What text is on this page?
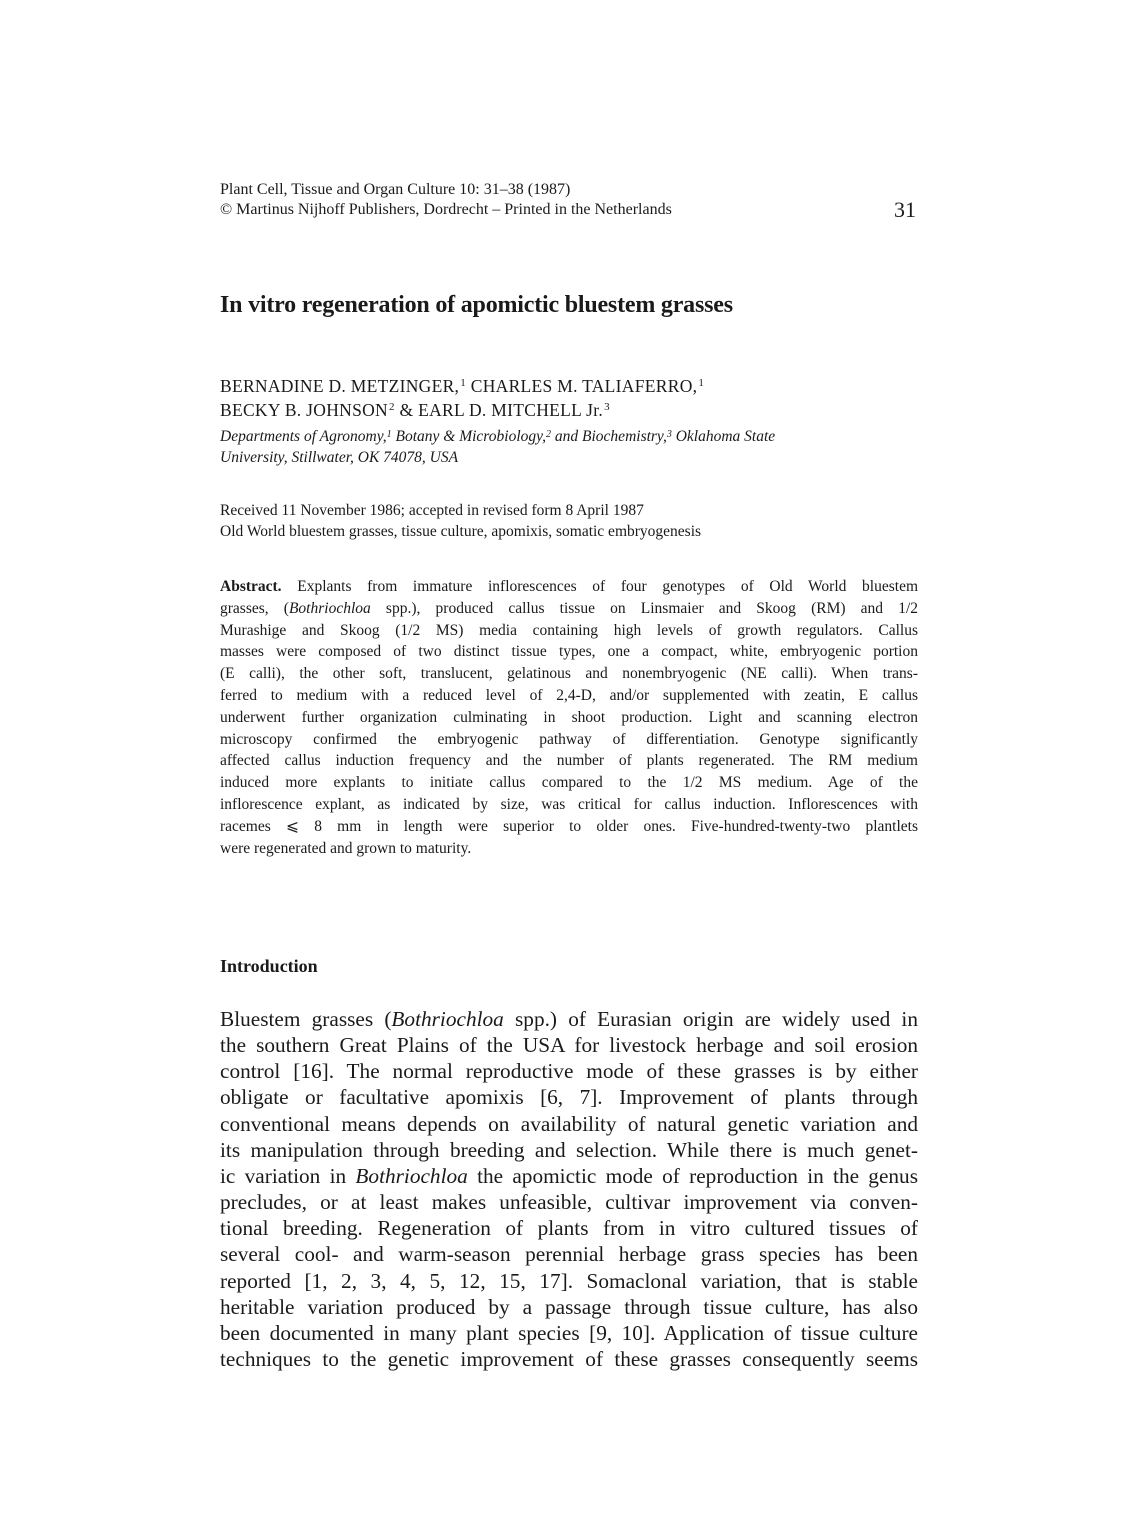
Plant Cell, Tissue and Organ Culture 10: 31–38 (1987)
© Martinus Nijhoff Publishers, Dordrecht – Printed in the Netherlands	31
In vitro regeneration of apomictic bluestem grasses
BERNADINE D. METZINGER,$^1$ CHARLES M. TALIAFERRO,$^1$
BECKY B. JOHNSON$^2$ & EARL D. MITCHELL Jr.$^3$
Departments of Agronomy,$^1$ Botany & Microbiology,$^2$ and Biochemistry,$^3$ Oklahoma State
University, Stillwater, OK 74078, USA
Received 11 November 1986; accepted in revised form 8 April 1987
Old World bluestem grasses, tissue culture, apomixis, somatic embryogenesis
Abstract. Explants from immature inflorescences of four genotypes of Old World bluestem
grasses, (Bothriochloa spp.), produced callus tissue on Linsmaier and Skoog (RM) and 1/2
Murashige and Skoog (1/2 MS) media containing high levels of growth regulators. Callus
masses were composed of two distinct tissue types, one a compact, white, embryogenic portion
(E calli), the other soft, translucent, gelatinous and nonembryogenic (NE calli). When trans-
ferred to medium with a reduced level of 2,4-D, and/or supplemented with zeatin, E callus
underwent further organization culminating in shoot production. Light and scanning electron
microscopy confirmed the embryogenic pathway of differentiation. Genotype significantly
affected callus induction frequency and the number of plants regenerated. The RM medium
induced more explants to initiate callus compared to the 1/2 MS medium. Age of the
inflorescence explant, as indicated by size, was critical for callus induction. Inflorescences with
racemes ⩽ 8 mm in length were superior to older ones. Five-hundred-twenty-two plantlets
were regenerated and grown to maturity.
Introduction
Bluestem grasses (Bothriochloa spp.) of Eurasian origin are widely used in
the southern Great Plains of the USA for livestock herbage and soil erosion
control [16]. The normal reproductive mode of these grasses is by either
obligate or facultative apomixis [6, 7]. Improvement of plants through
conventional means depends on availability of natural genetic variation and
its manipulation through breeding and selection. While there is much genet-
ic variation in Bothriochloa the apomictic mode of reproduction in the genus
precludes, or at least makes unfeasible, cultivar improvement via conven-
tional breeding. Regeneration of plants from in vitro cultured tissues of
several cool- and warm-season perennial herbage grass species has been
reported [1, 2, 3, 4, 5, 12, 15, 17]. Somaclonal variation, that is stable
heritable variation produced by a passage through tissue culture, has also
been documented in many plant species [9, 10]. Application of tissue culture
techniques to the genetic improvement of these grasses consequently seems
